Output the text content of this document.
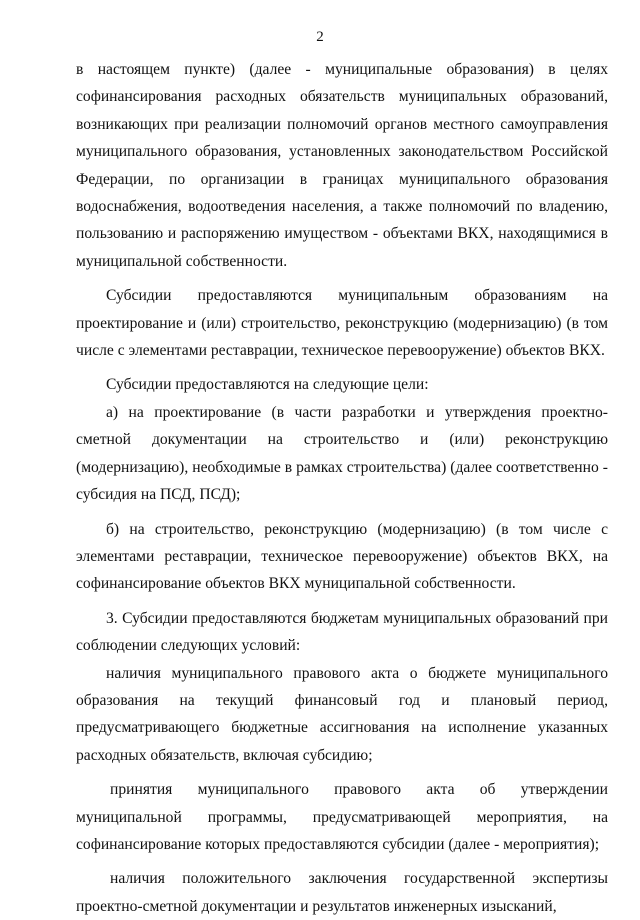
2

в настоящем пункте) (далее - муниципальные образования) в целях софинансирования расходных обязательств муниципальных образований, возникающих при реализации полномочий органов местного самоуправления муниципального образования, установленных законодательством Российской Федерации, по организации в границах муниципального образования водоснабжения, водоотведения населения, а также полномочий по владению, пользованию и распоряжению имуществом - объектами ВКХ, находящимися в муниципальной собственности.

Субсидии предоставляются муниципальным образованиям на проектирование и (или) строительство, реконструкцию (модернизацию) (в том числе с элементами реставрации, техническое перевооружение) объектов ВКХ.

Субсидии предоставляются на следующие цели:

а) на проектирование (в части разработки и утверждения проектно-сметной документации на строительство и (или) реконструкцию (модернизацию), необходимые в рамках строительства) (далее соответственно - субсидия на ПСД, ПСД);

б) на строительство, реконструкцию (модернизацию) (в том числе с элементами реставрации, техническое перевооружение) объектов ВКХ, на софинансирование объектов ВКХ муниципальной собственности.

3. Субсидии предоставляются бюджетам муниципальных образований при соблюдении следующих условий:

наличия муниципального правового акта о бюджете муниципального образования на текущий финансовый год и плановый период, предусматривающего бюджетные ассигнования на исполнение указанных расходных обязательств, включая субсидию;

принятия муниципального правового акта об утверждении муниципальной программы, предусматривающей мероприятия, на софинансирование которых предоставляются субсидии (далее - мероприятия);

наличия положительного заключения государственной экспертизы проектно-сметной документации и результатов инженерных изысканий,
